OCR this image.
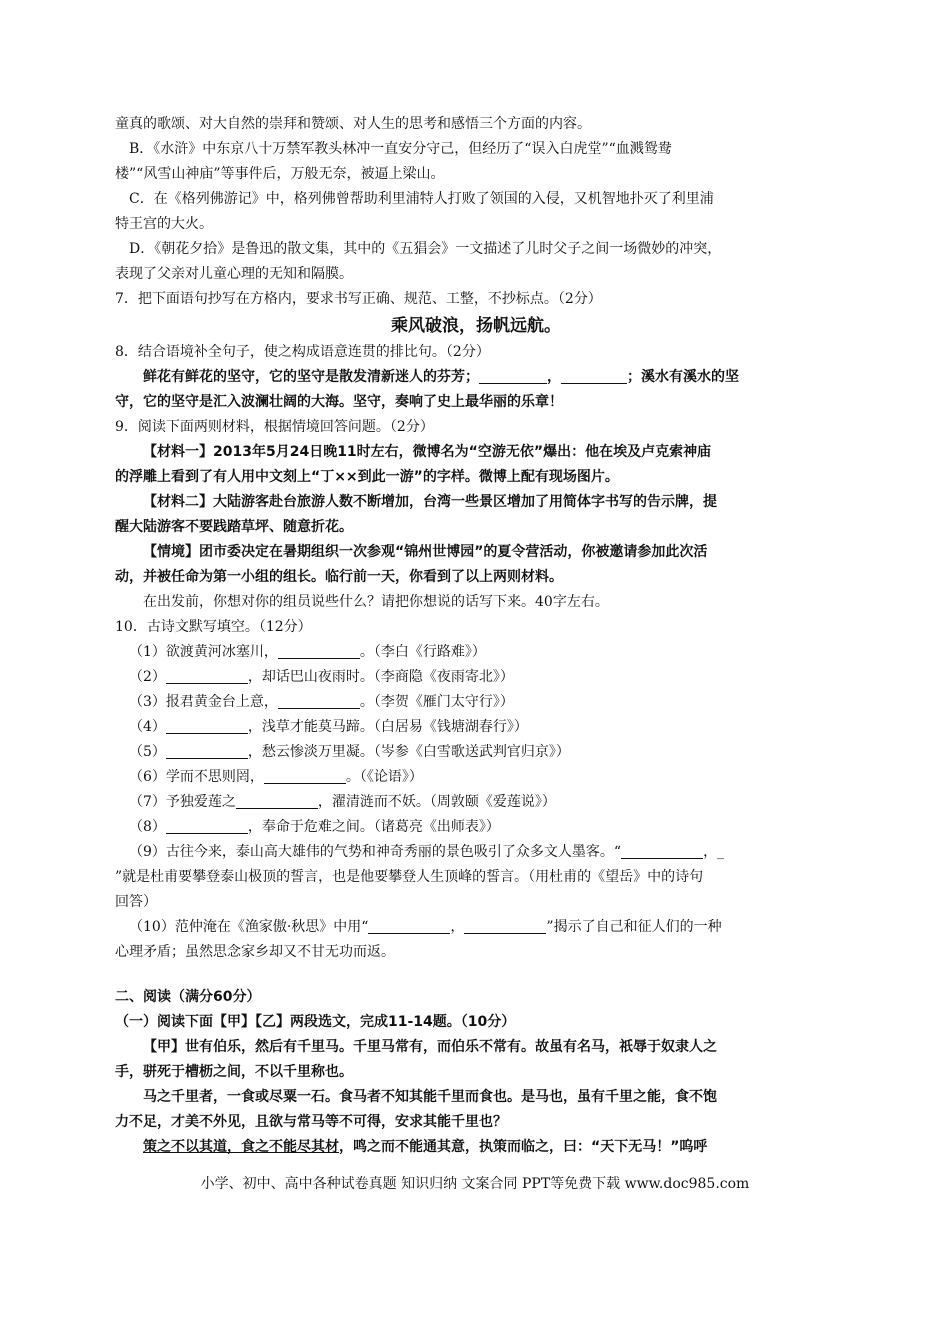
童真的歌颂、对大自然的崇拜和赞颂、对人生的思考和感悟三个方面的内容。
B．《水浒》中东京八十万禁军教头林冲一直安分守己，但经历了“误入白虎堂”“血溅鸳鸯
楼”“风雪山神庙”等事件后，万般无奈，被逼上梁山。
C．在《格列佛游记》中，格列佛曾帮助利里浦特人打败了领国的入侵，又机智地扑灭了利里浦
特王宫的大火。
D．《朝花夕拾》是鲁迅的散文集，其中的《五猖会》一文描述了儿时父子之间一场微妙的冲突，
表现了父亲对儿童心理的无知和隔膜。
7．把下面语句抄写在方格内，要求书写正确、规范、工整，不抄标点。（2分）
乘风破浪，扬帆远航。
8．结合语境补全句子，使之构成语意连贯的排比句。（2分）
鲜花有鲜花的坚守，它的坚守是散发清新迷人的芬芳；	，	；溪水有溪水的坚
守，它的坚守是汇入波澜壮阔的大海。坚守，奏响了史上最华丽的乐章！
9．阅读下面两则材料，根据情境回答问题。（2分）
【材料一】2013年5月24日晚11时左右，微博名为“空游无依”爆出：他在埃及卢克索神庙
的浮雕上看到了有人用中文刻上“丁××到此一游”的字样。微博上配有现场图片。
【材料二】大陆游客赴台旅游人数不断增加，台湾一些景区增加了用简体字书写的告示牌，提
醒大陆游客不要践踏草坪、随意折花。
【情境】团市委决定在暑期组织一次参观“锦州世博园”的夏令营活动，你被邀请参加此次活
动，并被任命为第一小组的组长。临行前一天，你看到了以上两则材料。
在出发前，你想对你的组员说些什么？请把你想说的话写下来。40字左右。
10．古诗文默写填空。（12分）
（1）欲渡黄河冰塞川，	。（李白《行路难》）
（2）	，却话巴山夜雨时。（李商隐《夜雨寄北》）
（3）报君黄金台上意，	。（李贺《雁门太守行》）
（4）	，浅草才能莫马蹄。（白居易《钱塘湖春行》）
（5）	，愁云惨淡万里凝。（岑参《白雪歌送武判官归京》）
（6）学而不思则罔，	。（《论语》）
（7）予独爱莲之	，濯清涟而不妖。（周敦颐《爱莲说》）
（8）	，奉命于危难之间。（诸葛亮《出师表》）
（9）古往今来，泰山高大雄伟的气势和神奇秀丽的景色吸引了众多文人墨客。“	，_
”就是杜甫要攀登泰山极顶的誓言，也是他要攀登人生顶峰的誓言。（用杜甫的《望岳》中的诗句
回答）
（10）范仲淹在《渔家傲·秋思》中用“	，	”揭示了自己和征人们的一种
心理矛盾；虽然思念家乡却又不甘无功而返。
二、阅读（满分60分）
（一）阅读下面【甲】【乙】两段选文，完成11-14题。（10分）
【甲】世有伯乐，然后有千里马。千里马常有，而伯乐不常有。故虽有名马，祇辱于奴隶人之
手，骈死于槽枥之间，不以千里称也。
马之千里者，一食或尽粟一石。食马者不知其能千里而食也。是马也，虽有千里之能，食不饱
力不足，才美不外见，且欲与常马等不可得，安求其能千里也？
策之不以其道，食之不能尽其材，鸣之而不能通其意，执策而临之，曰：“天下无马！”呜呼
小学、初中、高中各种试卷真题 知识归纳 文案合同 PPT等免费下载 www.doc985.com
